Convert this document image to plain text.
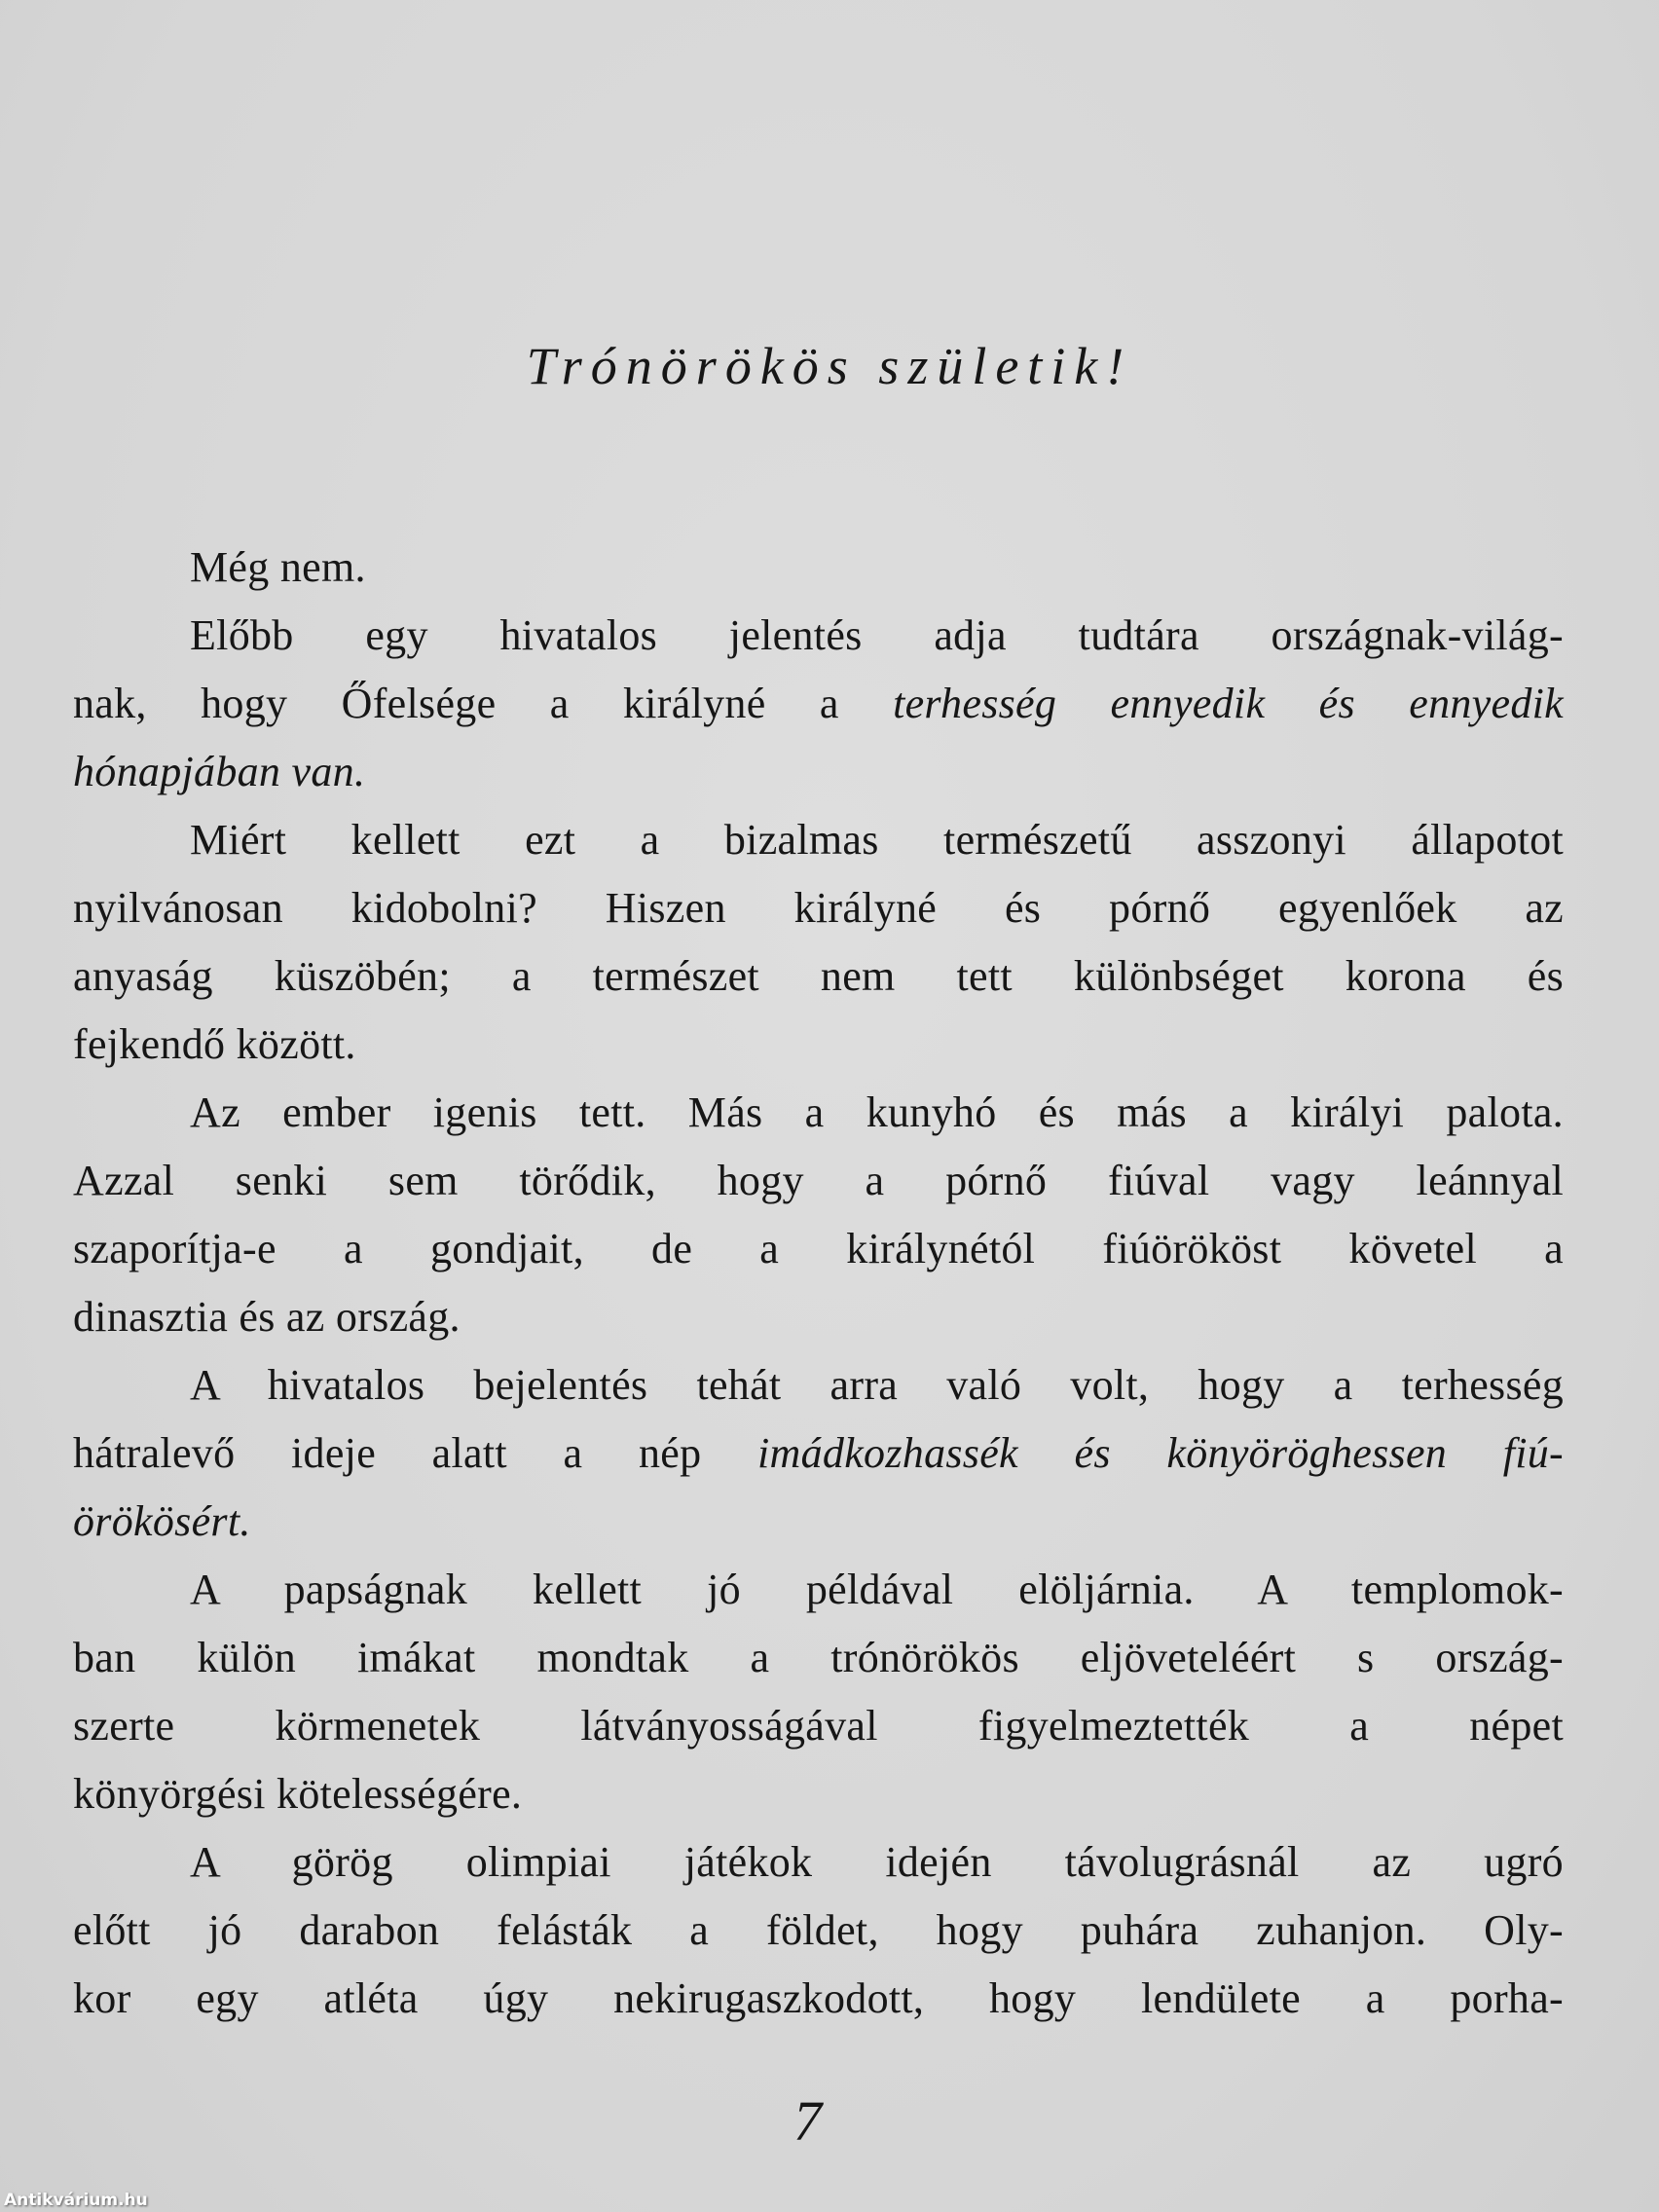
Trónörökös születik!
Még nem.
Előbb egy hivatalos jelentés adja tudtára országnak-világ-
nak, hogy Őfelsége a királyné a terhesség ennyedik és ennyedik
hónapjában van.
Miért kellett ezt a bizalmas természetű asszonyi állapotot
nyilvánosan kidobolni? Hiszen királyné és pórnő egyenlőek az
anyaság küszöbén; a természet nem tett különbséget korona és
fejkendő között.
Az ember igenis tett. Más a kunyhó és más a királyi palota.
Azzal senki sem törődik, hogy a pórnő fiúval vagy leánnyal
szaporítja-e a gondjait, de a királynétól fiúörököst követel a
dinasztia és az ország.
A hivatalos bejelentés tehát arra való volt, hogy a terhesség
hátralevő ideje alatt a nép imádkozhassék és könyöröghessen fiú-
örökösért.
A papságnak kellett jó példával elöljárnia. A templomok-
ban külön imákat mondtak a trónörökös eljöveteléért s ország-
szerte körmenetek látványosságával figyelmeztették a népet
könyörgési kötelességére.
A görög olimpiai játékok idején távolugrásnál az ugró
előtt jó darabon felásták a földet, hogy puhára zuhanjon. Oly-
kor egy atléta úgy nekirugaszkodott, hogy lendülete a porha-
7
Antikvárium.hu
